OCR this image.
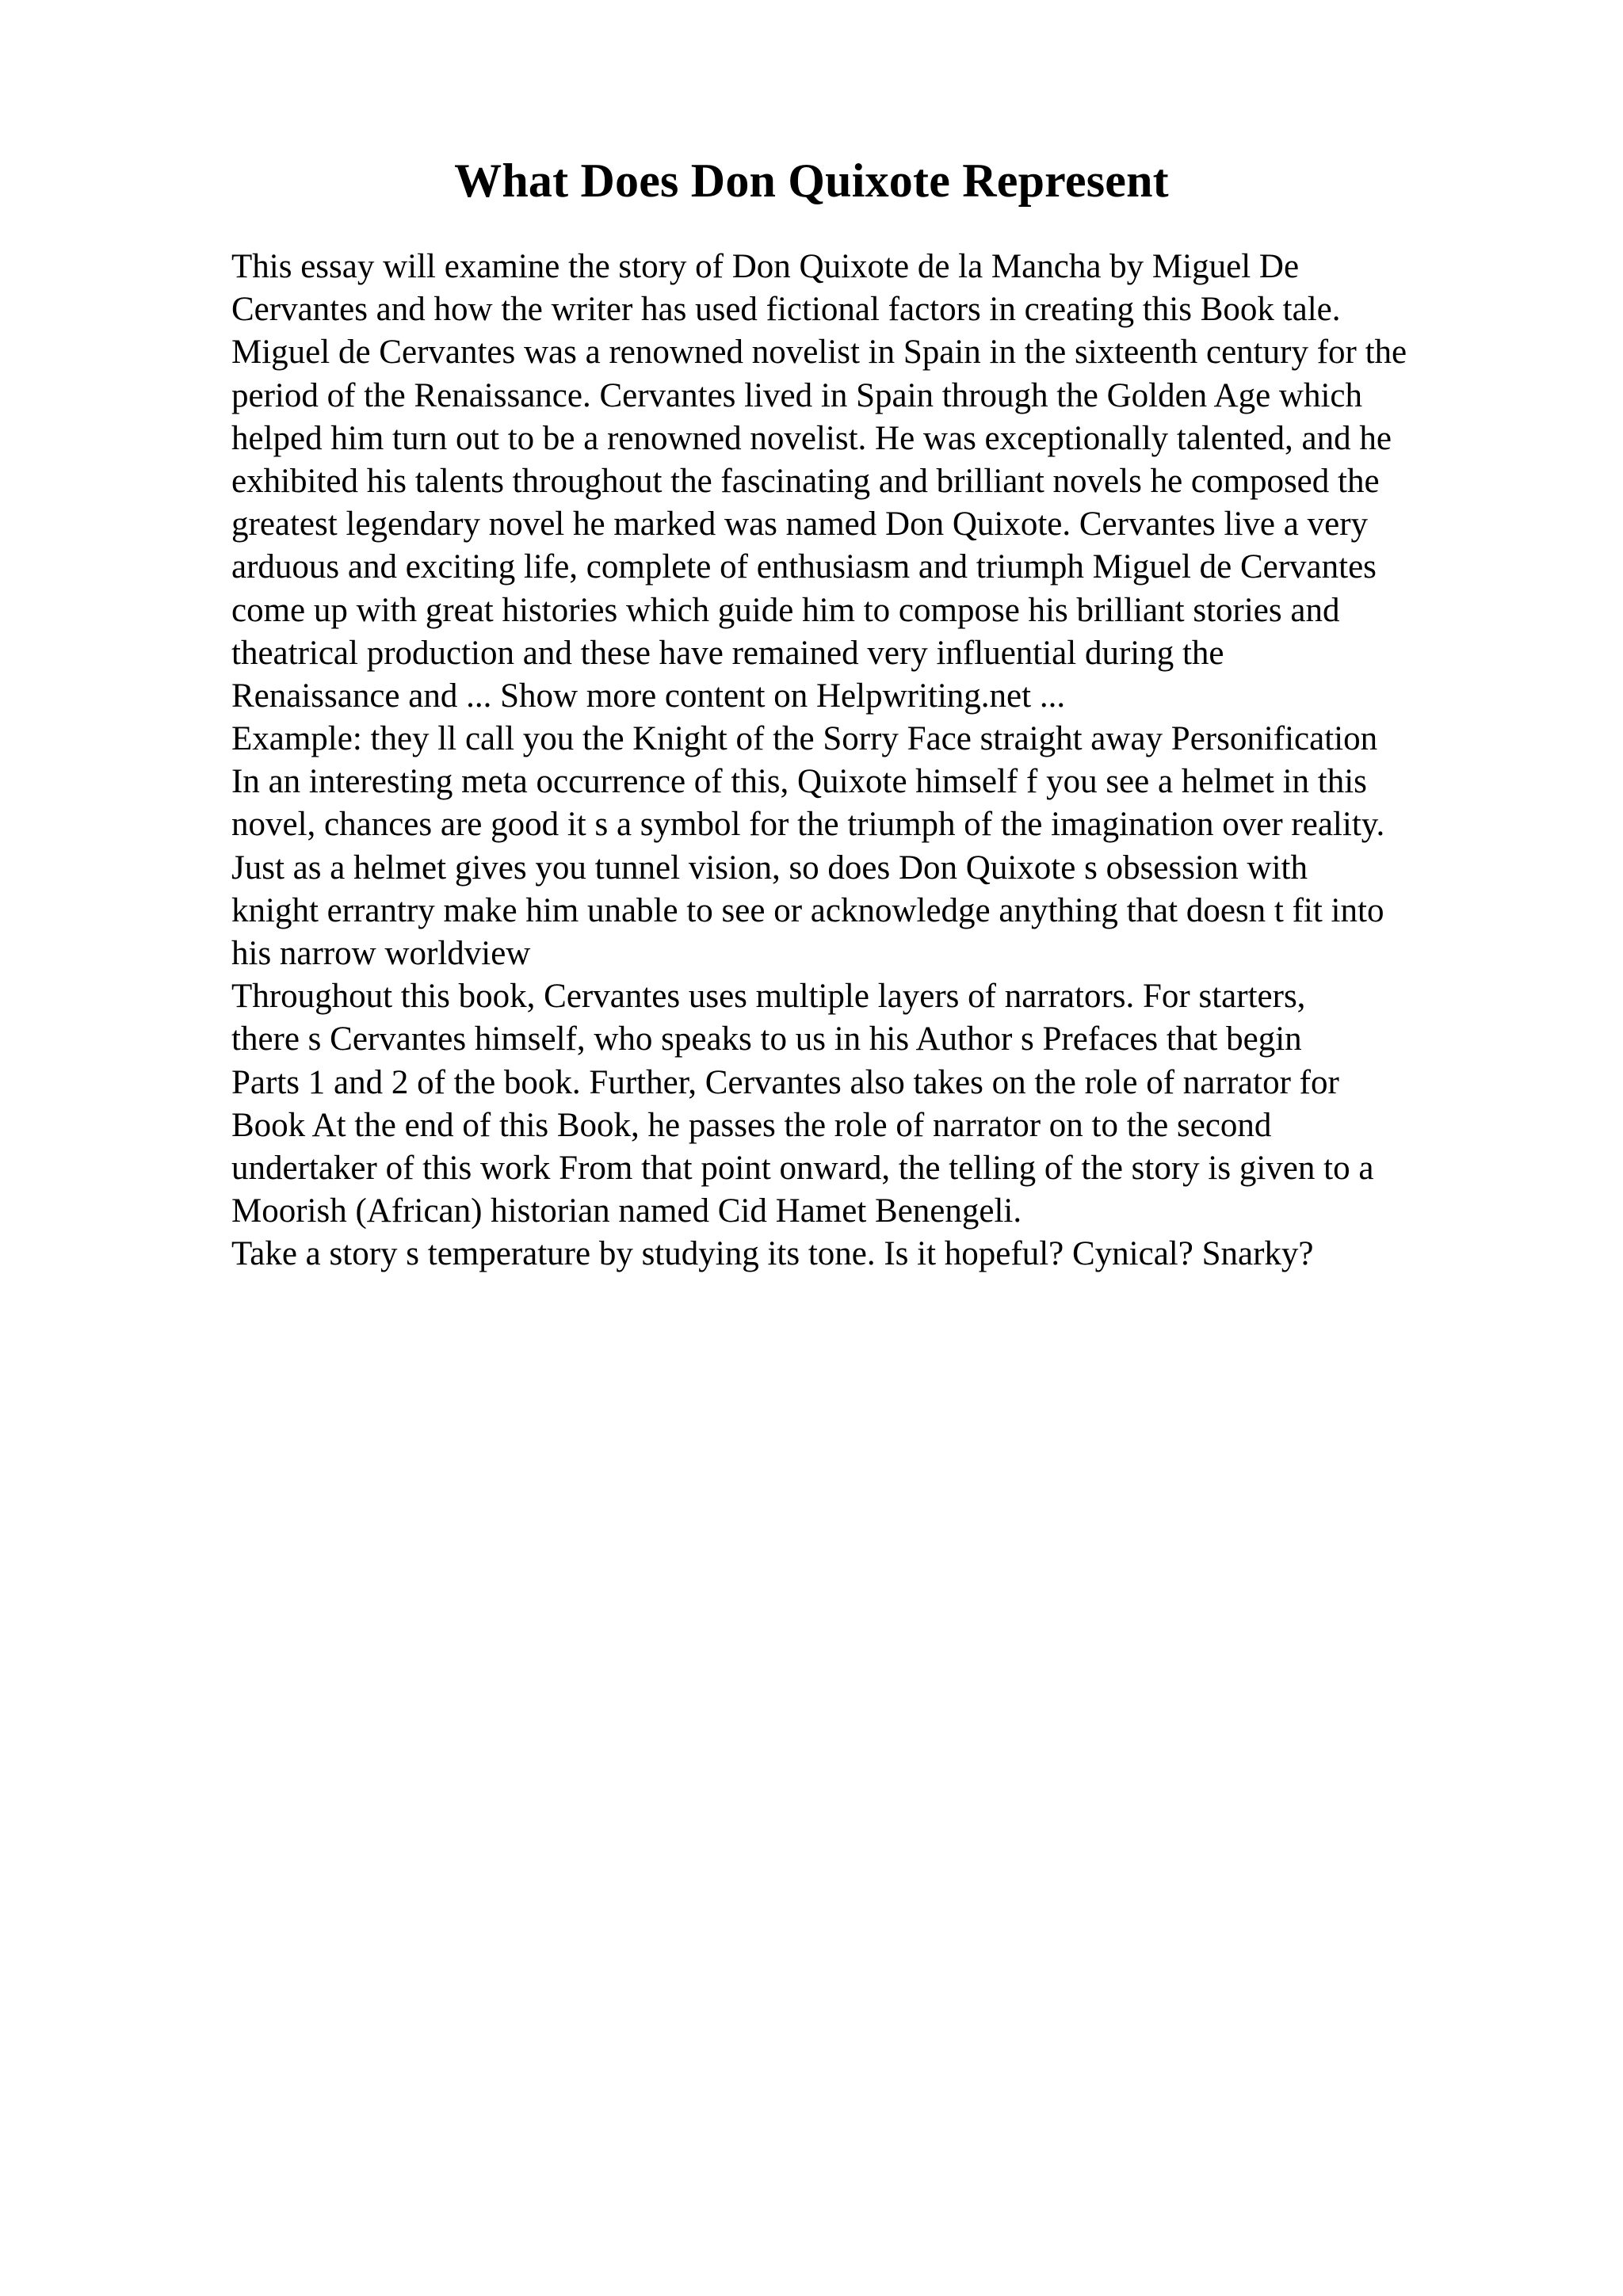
What Does Don Quixote Represent
This essay will examine the story of Don Quixote de la Mancha by Miguel De
Cervantes and how the writer has used fictional factors in creating this Book tale.
Miguel de Cervantes was a renowned novelist in Spain in the sixteenth century for the
period of the Renaissance. Cervantes lived in Spain through the Golden Age which
helped him turn out to be a renowned novelist. He was exceptionally talented, and he
exhibited his talents throughout the fascinating and brilliant novels he composed the
greatest legendary novel he marked was named Don Quixote. Cervantes live a very
arduous and exciting life, complete of enthusiasm and triumph Miguel de Cervantes
come up with great histories which guide him to compose his brilliant stories and
theatrical production and these have remained very influential during the
Renaissance and ... Show more content on Helpwriting.net ...
Example: they ll call you the Knight of the Sorry Face straight away Personification
In an interesting meta occurrence of this, Quixote himself f you see a helmet in this
novel, chances are good it s a symbol for the triumph of the imagination over reality.
Just as a helmet gives you tunnel vision, so does Don Quixote s obsession with
knight errantry make him unable to see or acknowledge anything that doesn t fit into
his narrow worldview
Throughout this book, Cervantes uses multiple layers of narrators. For starters,
there s Cervantes himself, who speaks to us in his Author s Prefaces that begin
Parts 1 and 2 of the book. Further, Cervantes also takes on the role of narrator for
Book At the end of this Book, he passes the role of narrator on to the second
undertaker of this work From that point onward, the telling of the story is given to a
Moorish (African) historian named Cid Hamet Benengeli.
Take a story s temperature by studying its tone. Is it hopeful? Cynical? Snarky?
